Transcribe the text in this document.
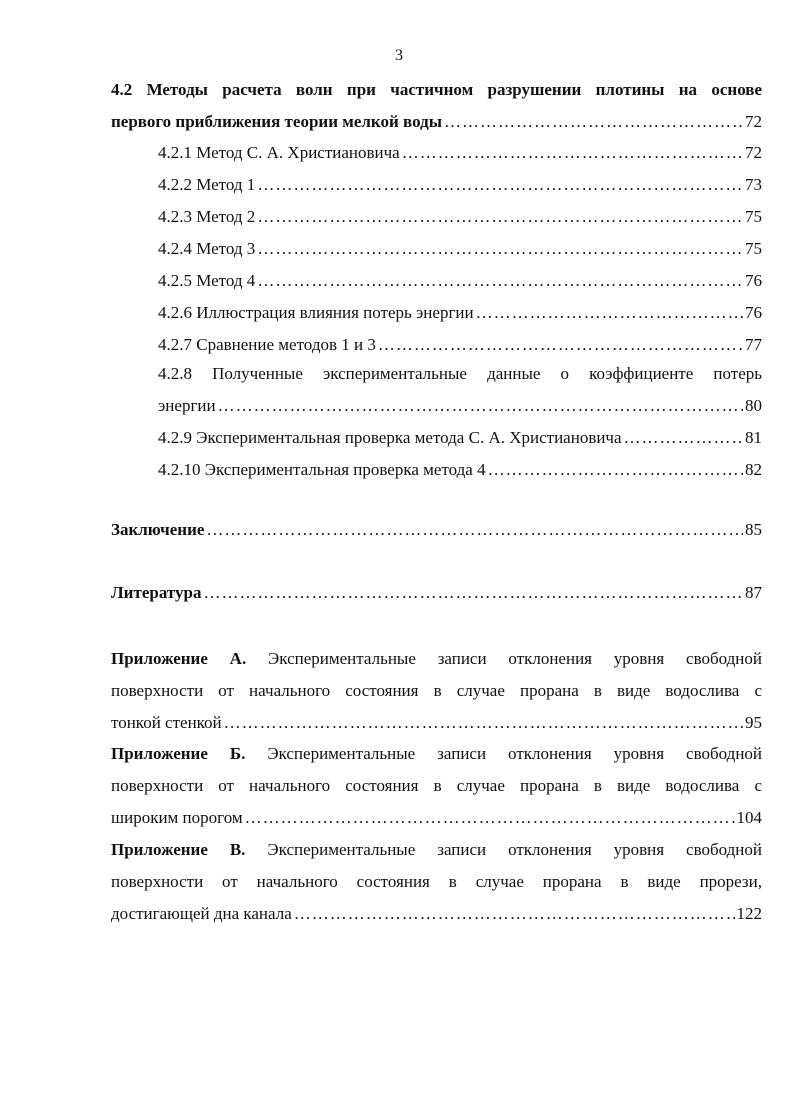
3
4.2 Методы расчета волн при частичном разрушении плотины на основе
первого приближения теории мелкой воды …………………………………………………………………………………………………………………………………………………………………………………………………………	72
4.2.1 Метод С. А. Христиановича …………………………………………………………………………………………………………………………………………………………………………………………………………	72
4.2.2 Метод 1 …………………………………………………………………………………………………………………………………………………………………………………………………………	73
4.2.3 Метод 2 …………………………………………………………………………………………………………………………………………………………………………………………………………	75
4.2.4 Метод 3 …………………………………………………………………………………………………………………………………………………………………………………………………………	75
4.2.5 Метод 4 …………………………………………………………………………………………………………………………………………………………………………………………………………	76
4.2.6 Иллюстрация влияния потерь энергии …………………………………………………………………………………………………………………………………………………………………………………………………………	76
4.2.7 Сравнение методов 1 и 3 …………………………………………………………………………………………………………………………………………………………………………………………………………	77
4.2.8 Полученные экспериментальные данные о коэффициенте потерь
энергии …………………………………………………………………………………………………………………………………………………………………………………………………………	80
4.2.9 Экспериментальная проверка метода С. А. Христиановича …………………………………………………………………………………………………………………………………………………………………………………………………………	81
4.2.10 Экспериментальная проверка метода 4 …………………………………………………………………………………………………………………………………………………………………………………………………………	82
Заключение …………………………………………………………………………………………………………………………………………………………………………………………………………	85
Литература …………………………………………………………………………………………………………………………………………………………………………………………………………	87
Приложение А. Экспериментальные записи отклонения уровня свободной
поверхности от начального состояния в случае прорана в виде водослива с
тонкой стенкой …………………………………………………………………………………………………………………………………………………………………………………………………………	95
Приложение Б. Экспериментальные записи отклонения уровня свободной
поверхности от начального состояния в случае прорана в виде водослива с
широким порогом …………………………………………………………………………………………………………………………………………………………………………………………………………	104
Приложение В. Экспериментальные записи отклонения уровня свободной
поверхности от начального состояния в случае прорана в виде прорези,
достигающей дна канала …………………………………………………………………………………………………………………………………………………………………………………………………………	122
